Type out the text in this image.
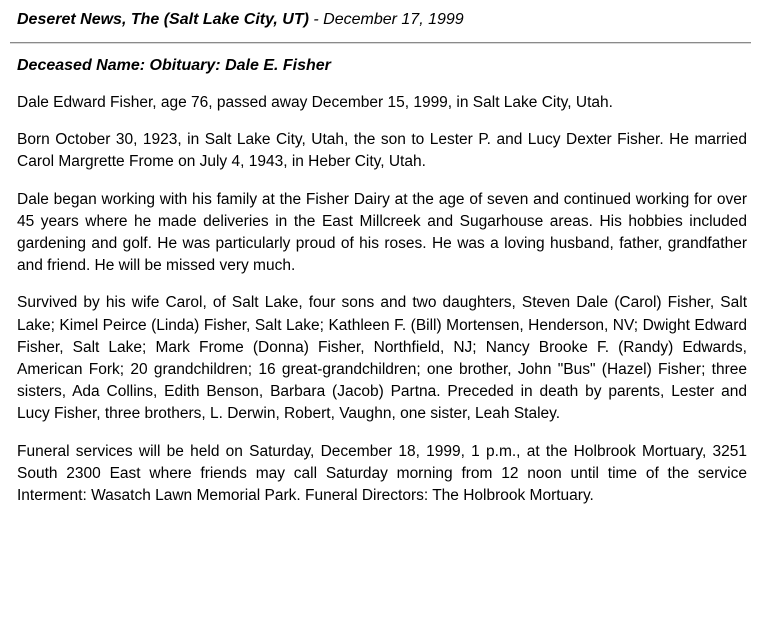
Deseret News, The (Salt Lake City, UT) - December 17, 1999
Deceased Name: Obituary: Dale E. Fisher

Dale Edward Fisher, age 76, passed away December 15, 1999, in Salt Lake City, Utah.

Born October 30, 1923, in Salt Lake City, Utah, the son to Lester P. and Lucy Dexter Fisher. He married Carol Margrette Frome on July 4, 1943, in Heber City, Utah.

Dale began working with his family at the Fisher Dairy at the age of seven and continued working for over 45 years where he made deliveries in the East Millcreek and Sugarhouse areas. His hobbies included gardening and golf. He was particularly proud of his roses. He was a loving husband, father, grandfather and friend. He will be missed very much.

Survived by his wife Carol, of Salt Lake, four sons and two daughters, Steven Dale (Carol) Fisher, Salt Lake; Kimel Peirce (Linda) Fisher, Salt Lake; Kathleen F. (Bill) Mortensen, Henderson, NV; Dwight Edward Fisher, Salt Lake; Mark Frome (Donna) Fisher, Northfield, NJ; Nancy Brooke F. (Randy) Edwards, American Fork; 20 grandchildren; 16 great-grandchildren; one brother, John "Bus" (Hazel) Fisher; three sisters, Ada Collins, Edith Benson, Barbara (Jacob) Partna. Preceded in death by parents, Lester and Lucy Fisher, three brothers, L. Derwin, Robert, Vaughn, one sister, Leah Staley.

Funeral services will be held on Saturday, December 18, 1999, 1 p.m., at the Holbrook Mortuary, 3251 South 2300 East where friends may call Saturday morning from 12 noon until time of the service Interment: Wasatch Lawn Memorial Park. Funeral Directors: The Holbrook Mortuary.
